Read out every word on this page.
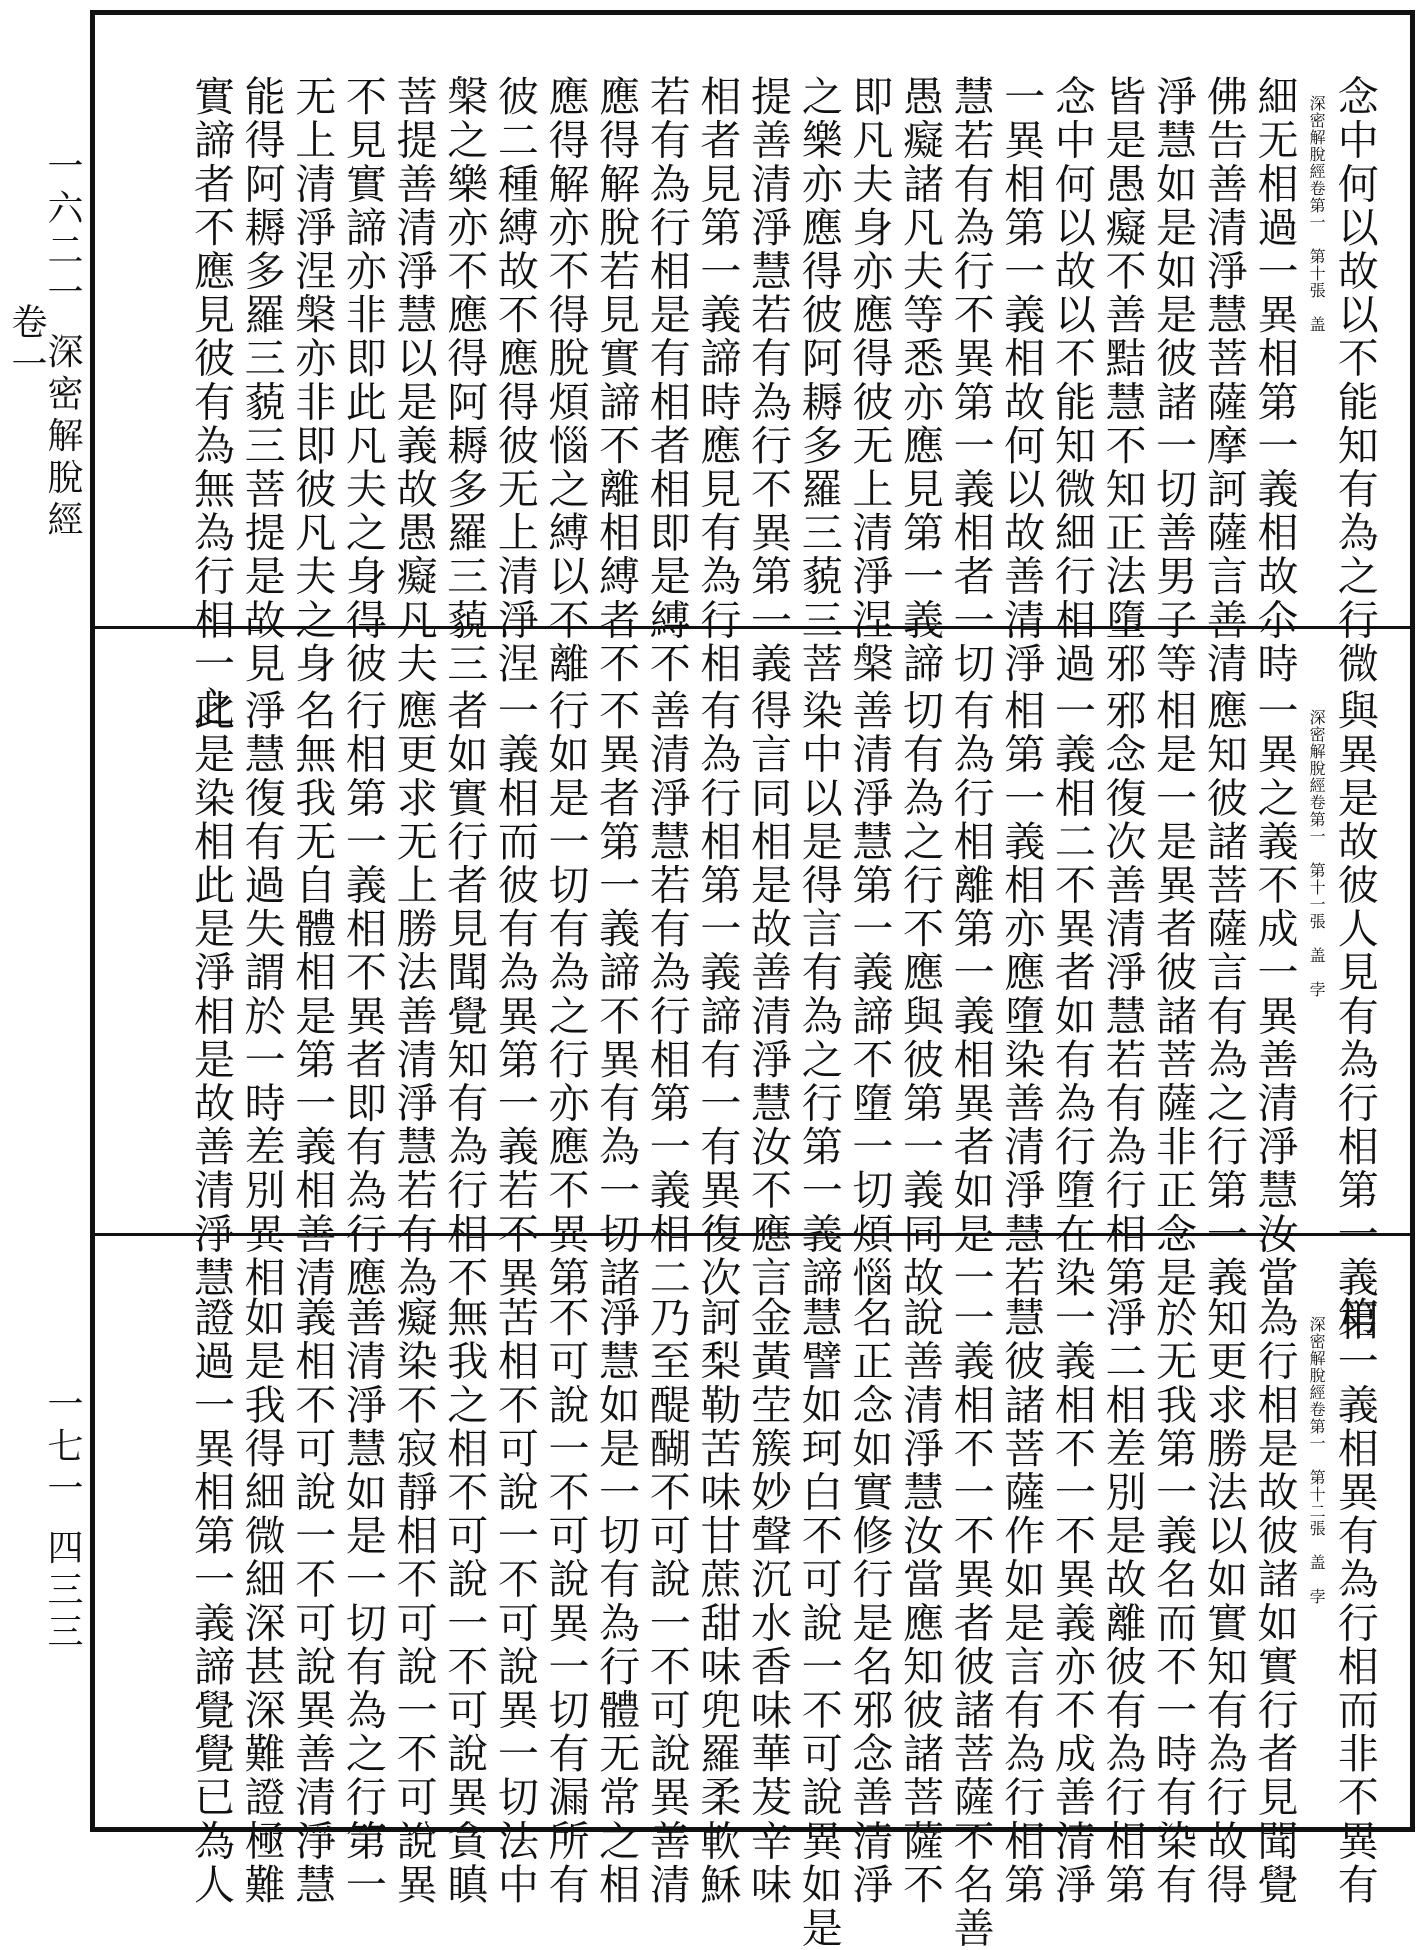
一六二一 深密解脫經 卷一
一七一 四三三
念中何以故以不能知有為之行微
深密解脫經卷第一　第十張　盖
細无相過一異相第一義相故尒時
佛告善清淨慧菩薩摩訶薩言善清
淨慧如是如是彼諸一切善男子等
皆是愚癡不善黠慧不知正法墮邪
念中何以故以不能知微細行相過
一異相第一義相故何以故善清淨
慧若有為行不異第一義相者一切
愚癡諸凡夫等悉亦應見第一義諦
即凡夫身亦應得彼无上清淨涅槃
之樂亦應得彼阿耨多羅三藐三菩
提善清淨慧若有為行不異第一義
相者見第一義諦時應見有為行相
若有為行相是有相者相即是縛不
應得解脫若見實諦不離相縛者不
應得解亦不得脫煩惱之縛以不離
彼二種縛故不應得彼无上清淨涅
槃之樂亦不應得阿耨多羅三藐三
菩提善清淨慧以是義故愚癡凡夫
不見實諦亦非即此凡夫之身得彼
无上清淨涅槃亦非即彼凡夫之身
能得阿耨多羅三藐三菩提是故見
實諦者不應見彼有為無為行相一之
與異是故彼人見有為行相第一義相
深密解脫經卷第一　第十一張　盖　孛
一異之義不成一異善清淨慧汝當
應知彼諸菩薩言有為之行第一義
相是一是異者彼諸菩薩非正念是
邪念復次善清淨慧若有為行相第
一義相二不異者如有為行墮在染
相第一義相亦應墮染善清淨慧若
有為行相離第一義相異者如是一
切有為之行不應與彼第一義同故
善清淨慧第一義諦不墮一切煩惱
染中以是得言有為之行第一義諦
得言同相是故善清淨慧汝不應言
有為行相第一義諦有一有異復次
善清淨慧若有為行相第一義相二
不異者第一義諦不異有為一切諸
行如是一切有為之行亦應不異第
一義相而彼有為異第一義若不異
者如實行者見聞覺知有為行相不
應更求无上勝法善清淨慧若有為
行相第一義相不異者即有為行應
名無我无自體相是第一義相善清
淨慧復有過失謂於一時差別異相
此是染相此是淨相是故善清淨慧
第一義相異有為行相而非不異有
深密解脫經卷第一　第十二張　盖　孛
為行相是故彼諸如實行者見聞覺
知更求勝法以如實知有為行故得
於无我第一義名而不一時有染有
淨二相差別是故離彼有為行相第
一義相不一不異義亦不成善清淨
慧彼諸菩薩作如是言有為行相第
一義相不一不異者彼諸菩薩不名善
說善清淨慧汝當應知彼諸菩薩不
名正念如實修行是名邪念善清淨
慧譬如珂白不可說一不可說異如是
金黃茔簇妙聲沉水香味華茇辛味
訶梨勒苦味甘蔗甜味兜羅柔軟穌
乃至醍醐不可說一不可說異善清
淨慧如是一切有為行體无常之相
不可說一不可說異一切有漏所有
苦相不可說一不可說異一切法中
無我之相不可說一不可說異貪瞋
癡染不寂靜相不可說一不可說異
善清淨慧如是一切有為之行第一
義相不可說一不可說異善清淨慧
如是我得細微細深甚深難證極難
證過一異相第一義諦覺覺已為人
